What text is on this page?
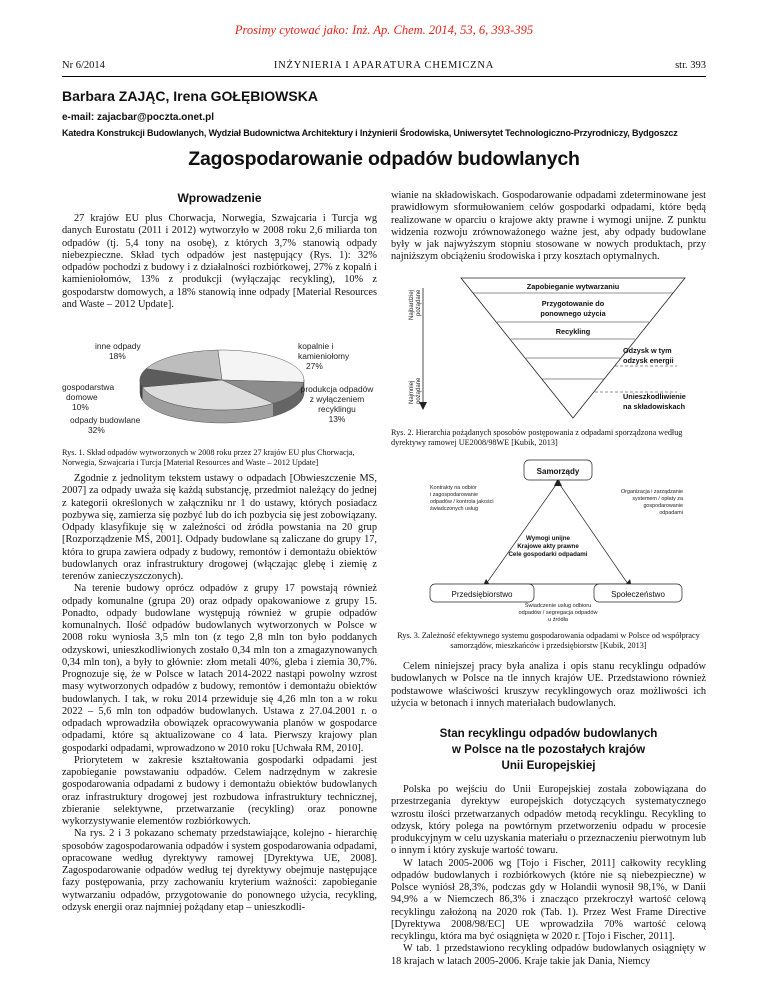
Prosimy cytować jako: Inż. Ap. Chem. 2014, 53, 6, 393-395
Nr 6/2014	INŻYNIERIA I APARATURA CHEMICZNA	str. 393
Barbara ZAJĄC, Irena GOŁĘBIOWSKA
e-mail: zajacbar@poczta.onet.pl
Katedra Konstrukcji Budowlanych, Wydział Budownictwa Architektury i Inżynierii Środowiska, Uniwersytet Technologiczno-Przyrodniczy, Bydgoszcz
Zagospodarowanie odpadów budowlanych
Wprowadzenie

27 krajów EU plus Chorwacja, Norwegia, Szwajcaria i Turcja wg danych Eurostatu (2011 i 2012) wytworzyło w 2008 roku 2,6 miliarda ton odpadów (tj. 5,4 tony na osobę), z których 3,7% stanowią odpady niebezpieczne. Skład tych odpadów jest następujący (Rys. 1): 32% odpadów pochodzi z budowy i z działalności rozbiórkowej, 27% z kopalń i kamieniołomów, 13% z produkcji (wyłączając recykling), 10% z gospodarstw domowych, a 18% stanowią inne odpady [Material Resources and Waste – 2012 Update].

kopalnie i
kamieniołomy
27%
inne odpady
18%
gospodarstwa
domowe
10%
odpady budowlane
32%
produkcja odpadów
z wyłączeniem
recyklingu
13%
Rys. 1. Skład odpadów wytworzonych w 2008 roku przez 27 krajów EU plus Chorwacja, Norwegia, Szwajcaria i Turcja [Material Resources and Waste – 2012 Update]

Zgodnie z jednolitym tekstem ustawy o odpadach [Obwieszczenie MS, 2007] za odpady uważa się każdą substancję, przedmiot należący do jednej z kategorii określonych w załączniku nr 1 do ustawy, których posiadacz pozbywa się, zamierza się pozbyć lub do ich pozbycia się jest zobowiązany. Odpady klasyfikuje się w zależności od źródła powstania na 20 grup [Rozporządzenie MŚ, 2001]. Odpady budowlane są zaliczane do grupy 17, która to grupa zawiera odpady z budowy, remontów i demontażu obiektów budowlanych oraz infrastruktury drogowej (włączając glebę i ziemię z terenów zanieczyszczonych).

Na terenie budowy oprócz odpadów z grupy 17 powstają również odpady komunalne (grupa 20) oraz odpady opakowaniowe z grupy 15. Ponadto, odpady budowlane występują również w grupie odpadów komunalnych. Ilość odpadów budowlanych wytworzonych w Polsce w 2008 roku wyniosła 3,5 mln ton (z tego 2,8 mln ton było poddanych odzyskowi, unieszkodliwionych zostało 0,34 mln ton a zmagazynowanych 0,34 mln ton), a były to głównie: złom metali 40%, gleba i ziemia 30,7%. Prognozuje się, że w Polsce w latach 2014-2022 nastąpi powolny wzrost masy wytworzonych odpadów z budowy, remontów i demontażu obiektów budowlanych. I tak, w roku 2014 przewiduje się 4,26 mln ton a w roku 2022 – 5,6 mln ton odpadów budowlanych. Ustawa z 27.04.2001 r. o odpadach wprowadziła obowiązek opracowywania planów w gospodarce odpadami, które są aktualizowane co 4 lata. Pierwszy krajowy plan gospodarki odpadami, wprowadzono w 2010 roku [Uchwała RM, 2010].

Priorytetem w zakresie kształtowania gospodarki odpadami jest zapobieganie powstawaniu odpadów. Celem nadrzędnym w zakresie gospodarowania odpadami z budowy i demontażu obiektów budowlanych oraz infrastruktury drogowej jest rozbudowa infrastruktury technicznej, zbieranie selektywne, przetwarzanie (recykling) oraz ponowne wykorzystywanie elementów rozbiórkowych.

Na rys. 2 i 3 pokazano schematy przedstawiające, kolejno - hierarchię sposobów zagospodarowania odpadów i system gospodarowania odpadami, opracowane według dyrektywy ramowej [Dyrektywa UE, 2008]. Zagospodarowanie odpadów według tej dyrektywy obejmuje następujące fazy postępowania, przy zachowaniu kryterium ważności: zapobieganie wytwarzaniu odpadów, przygotowanie do ponownego użycia, recykling, odzysk energii oraz najmniej pożądany etap – unieszkodli-

wianie na składowiskach. Gospodarowanie odpadami zdeterminowane jest prawidłowym sformułowaniem celów gospodarki odpadami, które będą realizowane w oparciu o krajowe akty prawne i wymogi unijne. Z punktu widzenia rozwoju zrównoważonego ważne jest, aby odpady budowlane były w jak najwyższym stopniu stosowane w nowych produktach, przy najniższym obciążeniu środowiska i przy kosztach optymalnych.

Najbardziej pożądane
Najmniej pożądane
Zapobieganie wytwarzaniu
Przygotowanie do
ponownego użycia
Recykling
Odzysk w tym
odzysk energii
Unieszkodliwienie
na składowiskach
Rys. 2. Hierarchia pożądanych sposobów postępowania z odpadami sporządzona według dyrektywy ramowej UE2008/98WE [Kubik, 2013]
Samorządy
Przedsiębiorstwo	Społeczeństwo
Kontrakty na odbiór
i zagospodarowanie
odpadów / kontrola jakości
świadczonych usług
Organizacja i zarządzanie
systemem / opłaty za
gospodarowanie
odpadami
Wymogi unijne
Krajowe akty prawne
Cele gospodarki odpadami
Świadczenie usług odbioru
odpadów / segregacja odpadów
u źródła
Rys. 3. Zależność efektywnego systemu gospodarowania odpadami w Polsce od współpracy samorządów, mieszkańców i przedsiębiorstw [Kubik, 2013]

Celem niniejszej pracy była analiza i opis stanu recyklingu odpadów budowlanych w Polsce na tle innych krajów UE. Przedstawiono również podstawowe właściwości kruszyw recyklingowych oraz możliwości ich użycia w betonach i innych materiałach budowlanych.

Stan recyklingu odpadów budowlanych
w Polsce na tle pozostałych krajów
Unii Europejskiej

Polska po wejściu do Unii Europejskiej została zobowiązana do przestrzegania dyrektyw europejskich dotyczących systematycznego wzrostu ilości przetwarzanych odpadów metodą recyklingu. Recykling to odzysk, który polega na powtórnym przetworzeniu odpadu w procesie produkcyjnym w celu uzyskania materiału o przeznaczeniu pierwotnym lub o innym i który zyskuje wartość towaru.

W latach 2005-2006 wg [Tojo i Fischer, 2011] całkowity recykling odpadów budowlanych i rozbiórkowych (które nie są niebezpieczne) w Polsce wyniósł 28,3%, podczas gdy w Holandii wynosił 98,1%, w Danii 94,9% a w Niemczech 86,3% i znacząco przekroczył wartość celową recyklingu założoną na 2020 rok (Tab. 1). Przez West Frame Directive [Dyrektywa 2008/98/EC] UE wprowadziła 70% wartość celową recyklingu, która ma być osiągnięta w 2020 r. [Tojo i Fischer, 2011].

W tab. 1 przedstawiono recykling odpadów budowlanych osiągnięty w 18 krajach w latach 2005-2006. Kraje takie jak Dania, Niemcy
